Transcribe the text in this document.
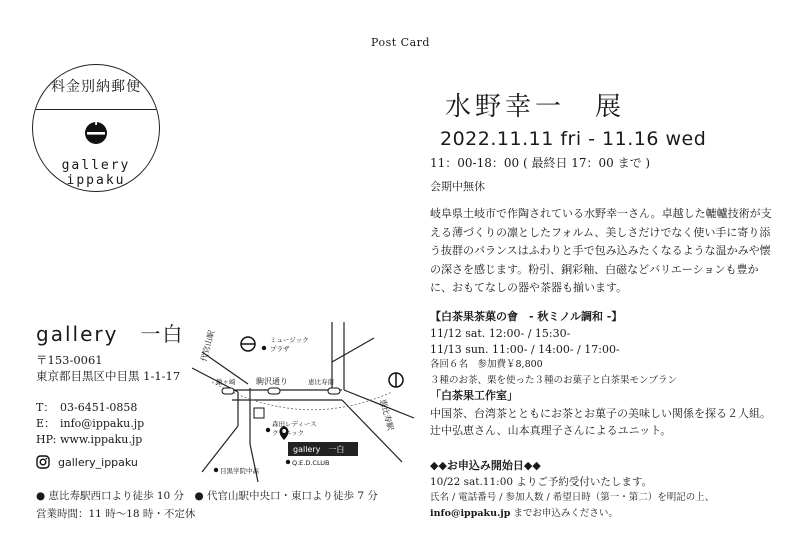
Post Card
料金別納郵便
gallery ippaku
水野幸一　展
2022.11.11 fri - 11.16 wed
11：00-18：00 ( 最終日 17：00 まで )
会期中無休
岐阜県土岐市で作陶されている水野幸一さん。卓越した轆轤技術が支える薄づくりの凛としたフォルム、美しさだけでなく使い手に寄り添う抜群のバランスはふわりと手で包み込みたくなるような温かみや懐の深さを感じます。粉引、銅彩釉、白磁などバリエーションも豊かに、おもてなしの器や茶器も揃います。
【白茶果茶菓の會　- 秋ミノル調和 -】
11/12 sat. 12:00- / 15:30-
11/13 sun. 11:00- / 14:00- / 17:00-
各回６名　参加費￥8,800
３種のお茶、栗を使った３種のお菓子と白茶果モンブラン
「白茶果工作室」
中国茶、台湾茶とともにお茶とお菓子の美味しい関係を探る２人組。辻中弘恵さん、山本真理子さんによるユニット。
◆◆お申込み開始日◆◆
10/22 sat.11:00 よりご予約受付いたします。
氏名 / 電話番号 / 参加人数 / 希望日時（第一・第二）を明記の上、
info@ippaku.jp までお申込みください。
gallery　一白
〒153-0061
東京都目黒区中目黒 1-1-17
T： 03-6451-0858
E： info@ippaku.jp
HP: www.ippaku.jp
gallery_ippaku
● 恵比寿駅西口より徒歩 10 分　● 代官山駅中央口・東口より徒歩 7 分
営業時間：11 時〜18 時・不定休
代官山駅
恵比寿駅
ミュージック
プラザ
鎗ヶ崎	駒沢通り	恵比寿南
森田レディース
クリニック
gallery　一白
Q.E.D.CLUB
目黒学院中高
